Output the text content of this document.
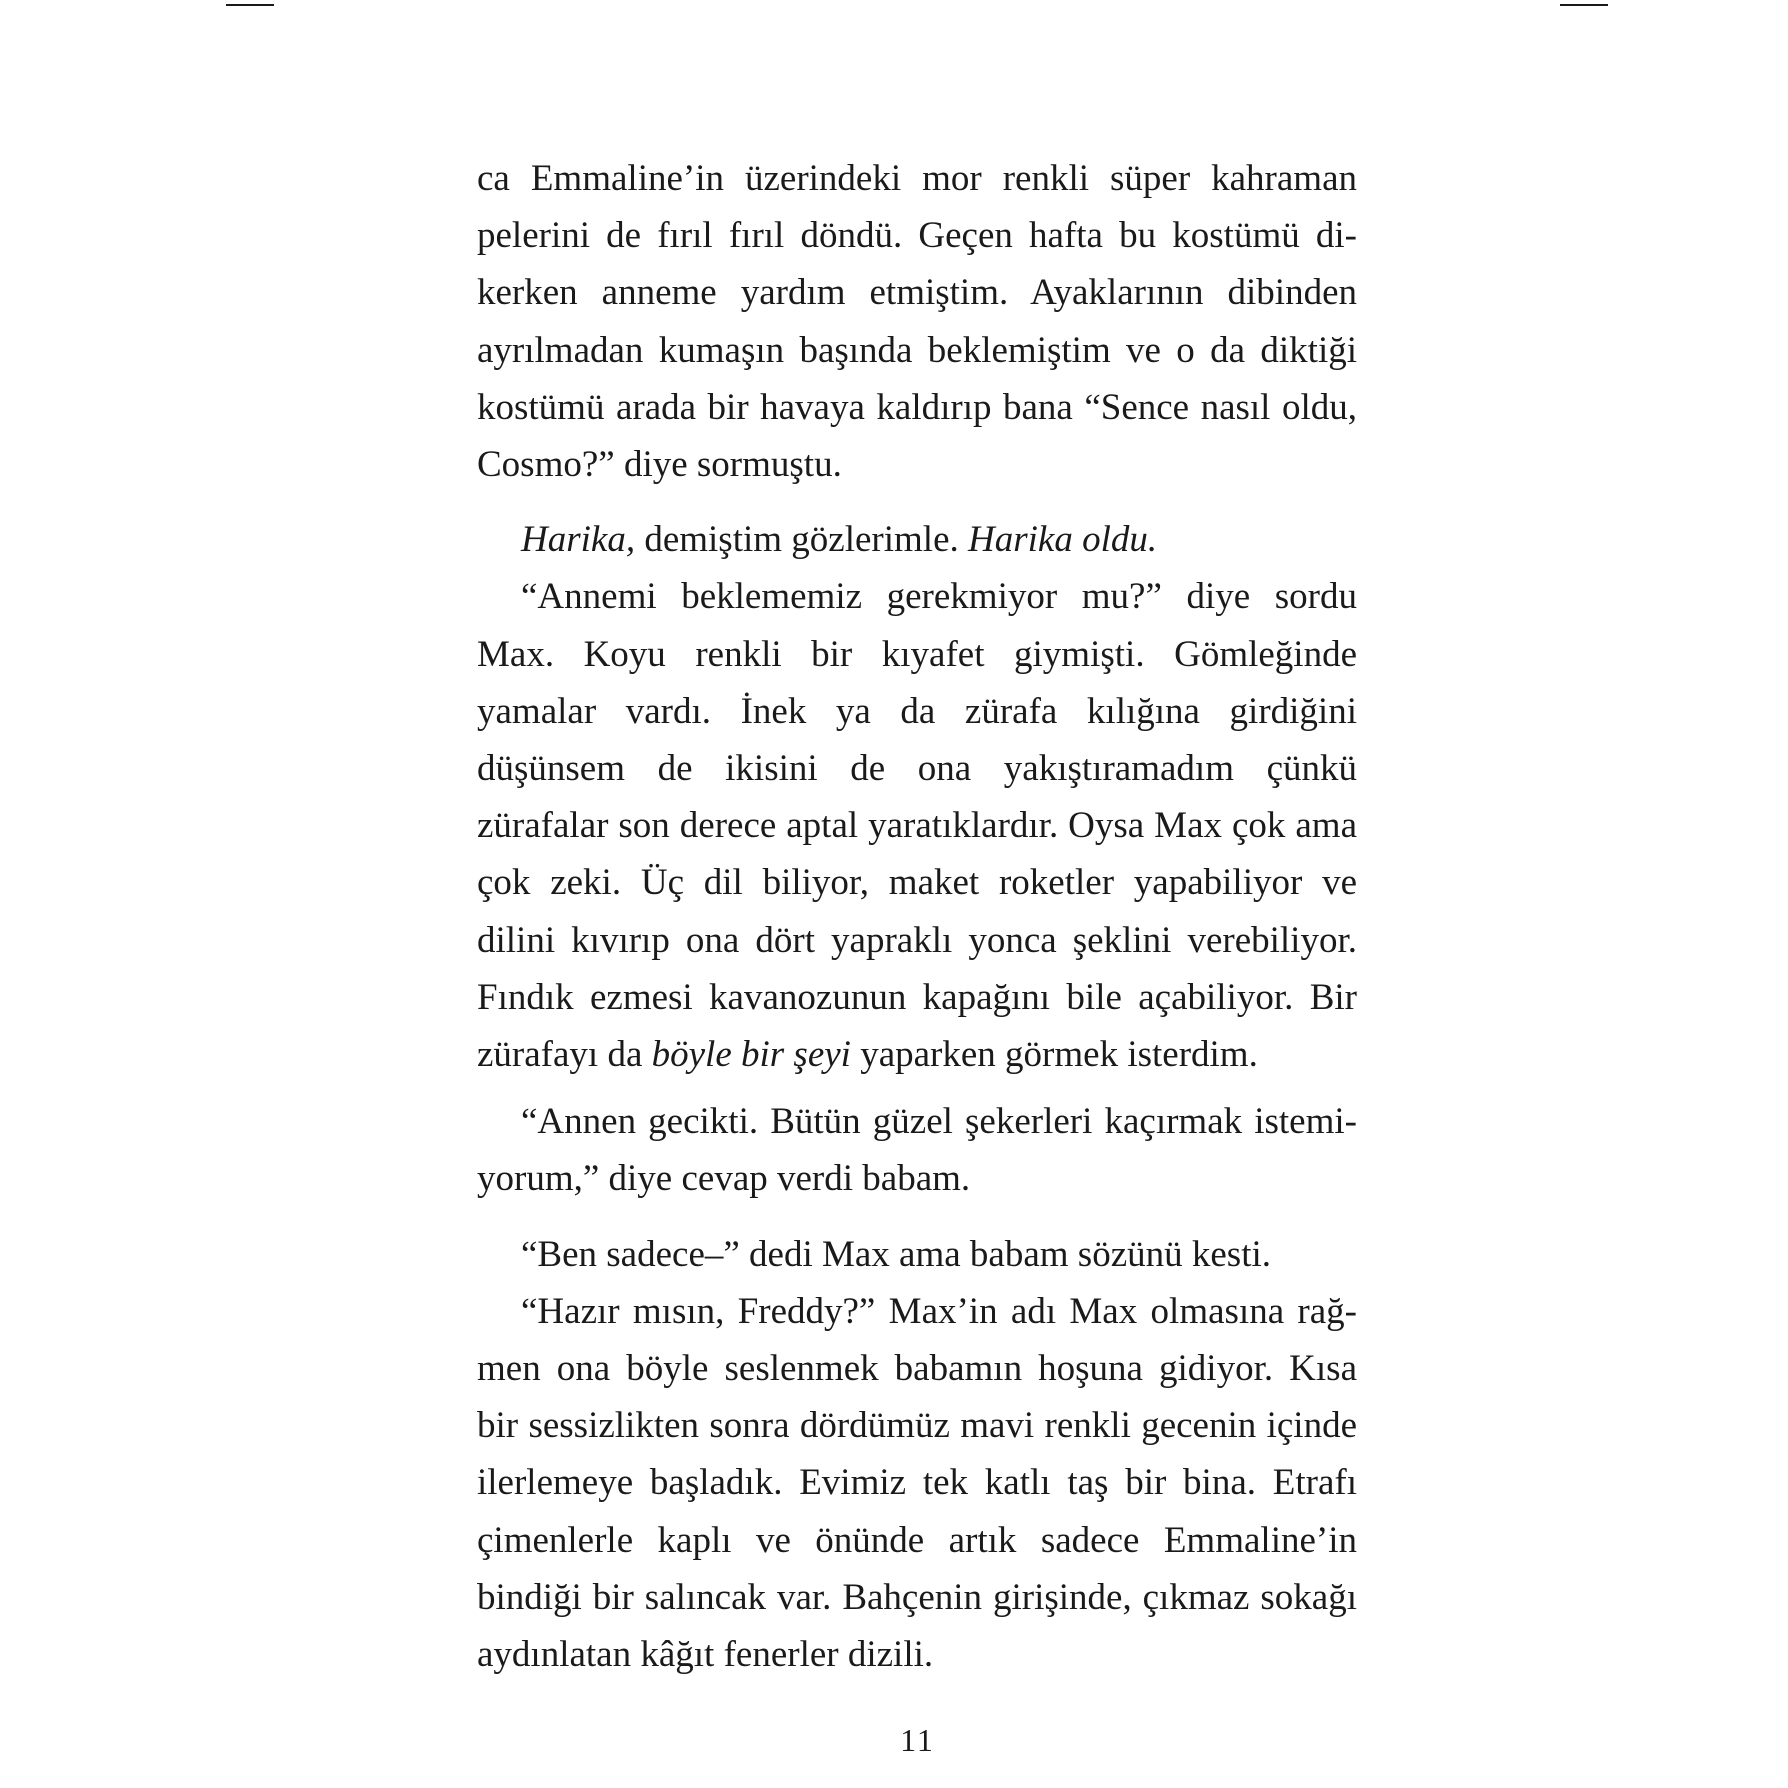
ca Emmaline’in üzerindeki mor renkli süper kahraman pelerini de fırıl fırıl döndü. Geçen hafta bu kostümü dikerken anneme yardım etmiştim. Ayaklarının dibinden ayrılmadan kumaşın başında beklemiştim ve o da diktiği kostümü arada bir havaya kaldırıp bana “Sence nasıl oldu, Cosmo?” diye sormuştu.

Harika, demiştim gözlerimle. Harika oldu.

“Annemi beklememiz gerekmiyor mu?” diye sordu Max. Koyu renkli bir kıyafet giymişti. Gömleğinde yamalar vardı. İnek ya da zürafa kılığına girdiğini düşünsem de ikisini de ona yakıştıramadım çünkü zürafalar son derece aptal yaratıklardır. Oysa Max çok ama çok zeki. Üç dil biliyor, maket roketler yapabiliyor ve dilini kıvırıp ona dört yapraklı yonca şeklini verebiliyor. Fındık ezmesi kavanozunun kapağını bile açabiliyor. Bir zürafayı da böyle bir şeyi yaparken görmek isterdim.

“Annen gecikti. Bütün güzel şekerleri kaçırmak istemiyorum,” diye cevap verdi babam.

“Ben sadece–” dedi Max ama babam sözünü kesti.

“Hazır mısın, Freddy?” Max’in adı Max olmasına rağmen ona böyle seslenmek babamın hoşuna gidiyor. Kısa bir sessizlikten sonra dördümüz mavi renkli gecenin içinde ilerlemeye başladık. Evimiz tek katlı taş bir bina. Etrafı çimenlerle kaplı ve önünde artık sadece Emmaline’in bindiği bir salıncak var. Bahçenin girişinde, çıkmaz sokağı aydınlatan kâğıt fenerler dizili.

11
